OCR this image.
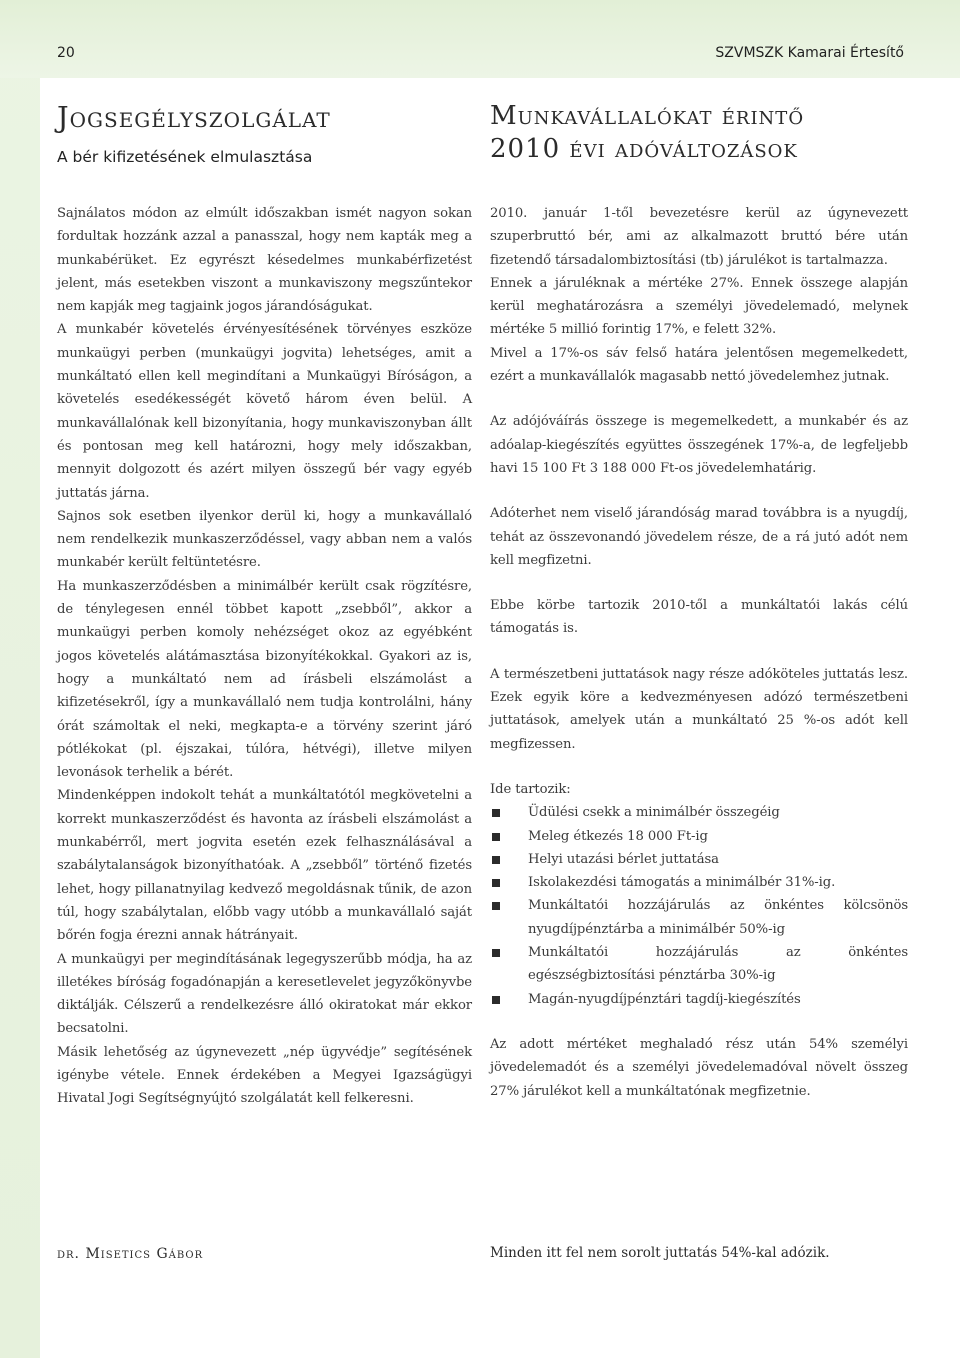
20	SZVMSZK Kamarai Értesítő
Jogsegélyszolgálat
A bér kifizetésének elmulasztása

Sajnálatos módon az elmúlt időszakban ismét nagyon sokan fordultak hozzánk azzal a panasszal, hogy nem kapták meg a munkabérüket. Ez egyrészt késedelmes munkabérfizetést jelent, más esetekben viszont a munkaviszony megszűntekor nem kapják meg tagjaink jogos járandóságukat.

A munkabér követelés érvényesítésének törvényes eszköze munkaügyi perben (munkaügyi jogvita) lehetséges, amit a munkáltató ellen kell megindítani a Munkaügyi Bíróságon, a követelés esedékességét követő három éven belül. A munkavállalónak kell bizonyítania, hogy munkaviszonyban állt és pontosan meg kell határozni, hogy mely időszakban, mennyit dolgozott és azért milyen összegű bér vagy egyéb juttatás járna.

Sajnos sok esetben ilyenkor derül ki, hogy a munkavállaló nem rendelkezik munkaszerződéssel, vagy abban nem a valós munkabér került feltüntetésre.

Ha munkaszerződésben a minimálbér került csak rögzítésre, de ténylegesen ennél többet kapott „zsebből”, akkor a munkaügyi perben komoly nehézséget okoz az egyébként jogos követelés alátámasztása bizonyítékokkal. Gyakori az is, hogy a munkáltató nem ad írásbeli elszámolást a kifizetésekről, így a munkavállaló nem tudja kontrolálni, hány órát számoltak el neki, megkapta-e a törvény szerint járó pótlékokat (pl. éjszakai, túlóra, hétvégi), illetve milyen levonások terhelik a bérét.

Mindenképpen indokolt tehát a munkáltatótól megkövetelni a korrekt munkaszerződést és havonta az írásbeli elszámolást a munkabérről, mert jogvita esetén ezek felhasználásával a szabálytalanságok bizonyíthatóak. A „zsebből” történő fizetés lehet, hogy pillanatnyilag kedvező megoldásnak tűnik, de azon túl, hogy szabálytalan, előbb vagy utóbb a munkavállaló saját bőrén fogja érezni annak hátrányait.

A munkaügyi per megindításának legegyszerűbb módja, ha az illetékes bíróság fogadónapján a keresetlevelet jegyzőkönyvbe diktálják. Célszerű a rendelkezésre álló okiratokat már ekkor becsatolni.

Másik lehetőség az úgynevezett „nép ügyvédje” segítésének igénybe vétele. Ennek érdekében a Megyei Igazságügyi Hivatal Jogi Segítségnyújtó szolgálatát kell felkeresni.

dr. Misetics Gábor
Munkavállalókat érintő
2010 évi adóváltozások

2010. január 1-től bevezetésre kerül az úgynevezett szuperbruttó bér, ami az alkalmazott bruttó bére után fizetendő társadalombiztosítási (tb) járulékot is tartalmazza.

Ennek a járuléknak a mértéke 27%. Ennek összege alapján kerül meghatározásra a személyi jövedelemadó, melynek mértéke 5 millió forintig 17%, e felett 32%.

Mivel a 17%-os sáv felső határa jelentősen megemelkedett, ezért a munkavállalók magasabb nettó jövedelemhez jutnak.

Az adójóváírás összege is megemelkedett, a munkabér és az adóalap-kiegészítés együttes összegének 17%-a, de legfeljebb havi 15 100 Ft 3 188 000 Ft-os jövedelemhatárig.

Adóterhet nem viselő járandóság marad továbbra is a nyugdíj, tehát az összevonandó jövedelem része, de a rá jutó adót nem kell megfizetni.

Ebbe körbe tartozik 2010-től a munkáltatói lakás célú támogatás is.

A természetbeni juttatások nagy része adóköteles juttatás lesz. Ezek egyik köre a kedvezményesen adózó természetbeni juttatások, amelyek után a munkáltató 25 %-os adót kell megfizessen.

Ide tartozik:

Üdülési csekk a minimálbér összegéig
Meleg étkezés 18 000 Ft-ig
Helyi utazási bérlet juttatása
Iskolakezdési támogatás a minimálbér 31%-ig.
Munkáltatói hozzájárulás az önkéntes kölcsönös nyugdíjpénztárba a minimálbér 50%-ig
Munkáltatói hozzájárulás az önkéntes egészségbiztosítási pénztárba 30%-ig
Magán-nyugdíjpénztári tagdíj-kiegészítés

Az adott mértéket meghaladó rész után 54% személyi jövedelemadót és a személyi jövedelemadóval növelt összeg 27% járulékot kell a munkáltatónak megfizetnie.

Minden itt fel nem sorolt juttatás 54%-kal adózik.
